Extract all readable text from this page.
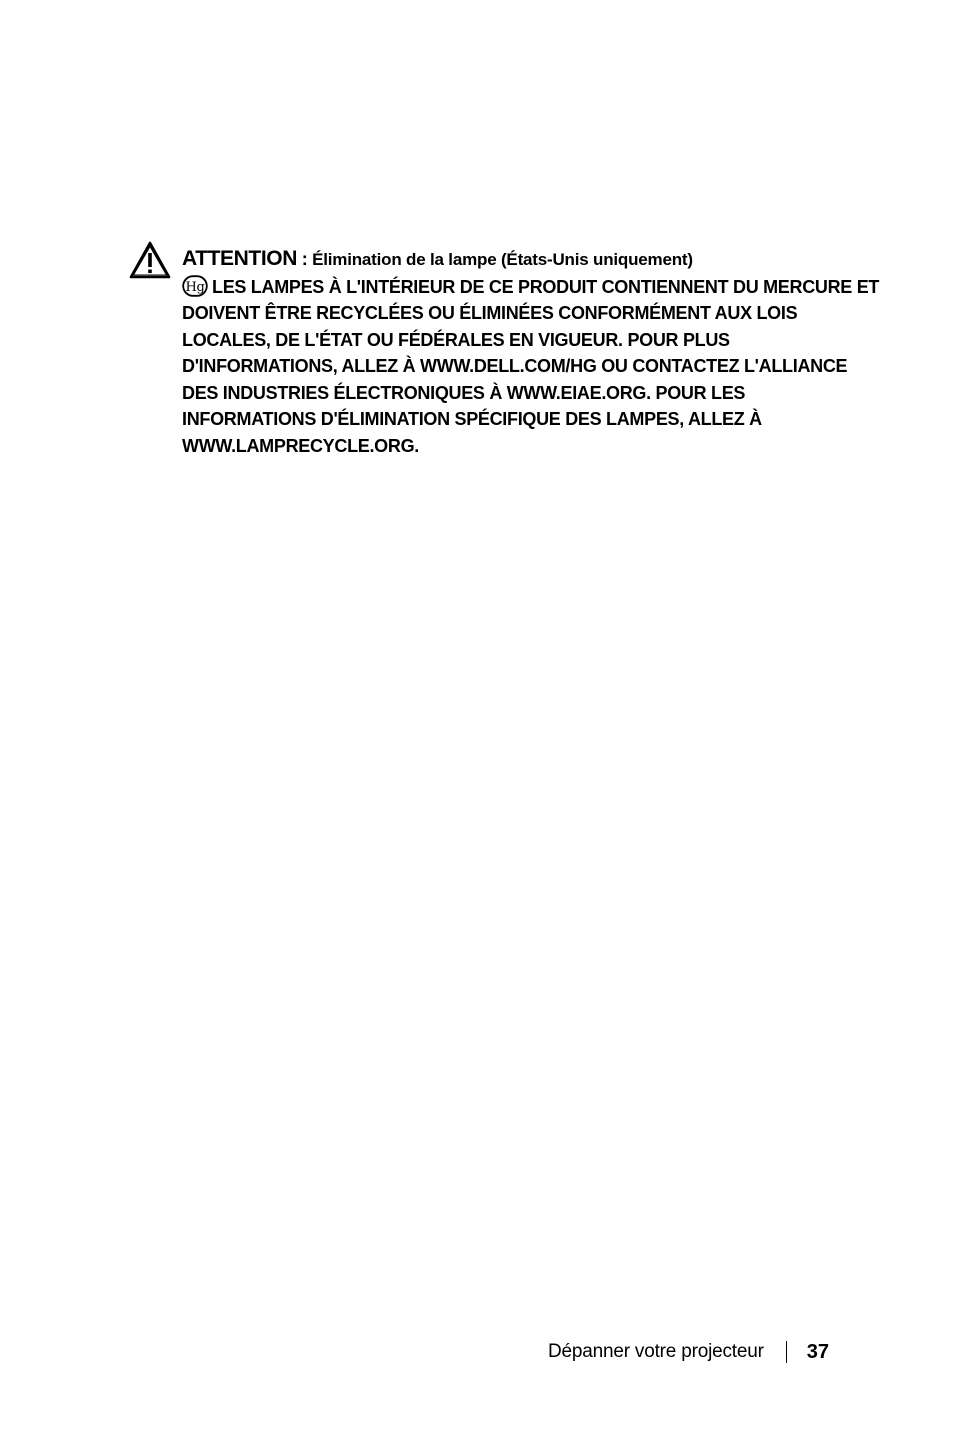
ATTENTION : Élimination de la lampe (États-Unis uniquement)

Hg LES LAMPES À L'INTÉRIEUR DE CE PRODUIT CONTIENNENT DU MERCURE ET DOIVENT ÊTRE RECYCLÉES OU ÉLIMINÉES CONFORMÉMENT AUX LOIS LOCALES, DE L'ÉTAT OU FÉDÉRALES EN VIGUEUR. POUR PLUS D'INFORMATIONS, ALLEZ À WWW.DELL.COM/HG OU CONTACTEZ L'ALLIANCE DES INDUSTRIES ÉLECTRONIQUES À WWW.EIAE.ORG. POUR LES INFORMATIONS D'ÉLIMINATION SPÉCIFIQUE DES LAMPES, ALLEZ À WWW.LAMPRECYCLE.ORG.
Dépanner votre projecteur 37
